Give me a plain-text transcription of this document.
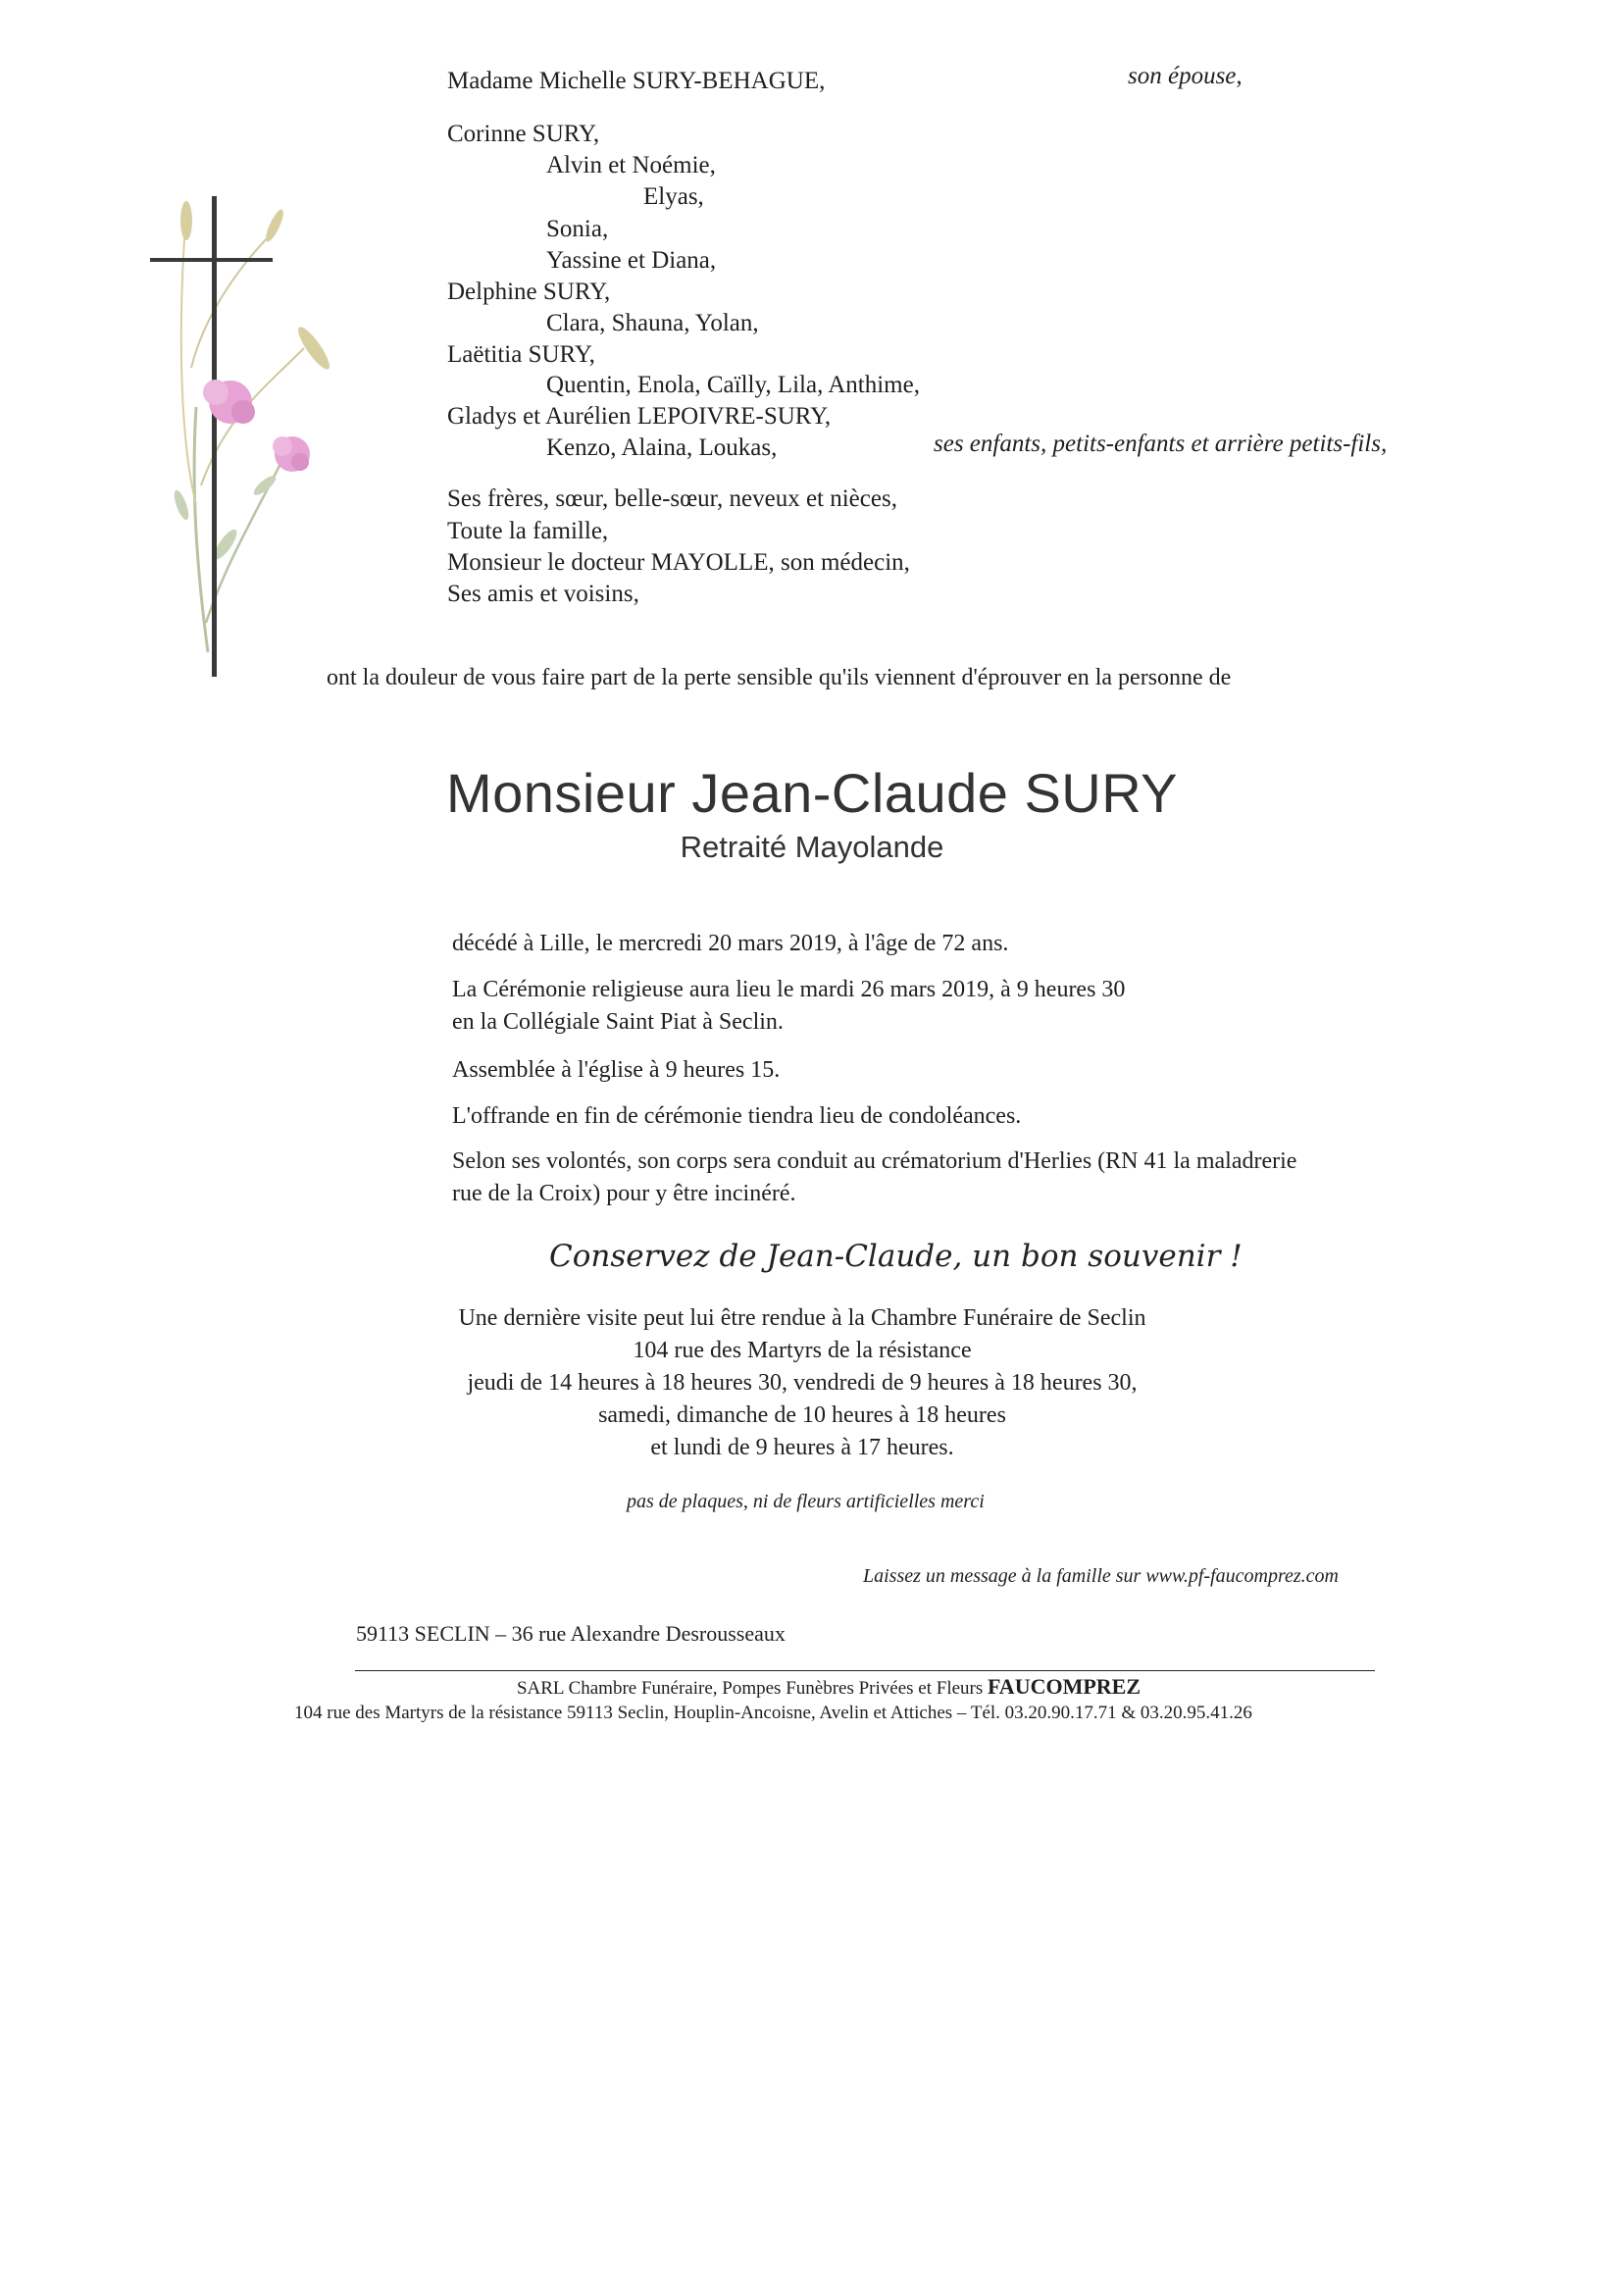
Madame Michelle SURY-BEHAGUE,	son épouse,
Corinne SURY,
Alvin et Noémie,
Elyas,
Sonia,
Yassine et Diana,
Delphine SURY,
Clara, Shauna, Yolan,
Laëtitia SURY,
Quentin, Enola, Caïlly, Lila, Anthime,
Gladys et Aurélien LEPOIVRE-SURY,
Kenzo, Alaina, Loukas,	ses enfants, petits-enfants et arrière petits-fils,
Ses frères, sœur, belle-sœur, neveux et nièces,
Toute la famille,
Monsieur le docteur MAYOLLE, son médecin,
Ses amis et voisins,
ont la douleur de vous faire part de la perte sensible qu'ils viennent d'éprouver en la personne de
Monsieur Jean-Claude SURY
Retraité Mayolande
décédé à Lille, le mercredi 20 mars 2019, à l'âge de 72 ans.
La Cérémonie religieuse aura lieu le mardi 26 mars 2019, à 9 heures 30
en la Collégiale Saint Piat à Seclin.
Assemblée à l'église à 9 heures 15.
L'offrande en fin de cérémonie tiendra lieu de condoléances.
Selon ses volontés, son corps sera conduit au crématorium d'Herlies (RN 41 la maladrerie
rue de la Croix) pour y être incinéré.
Conservez de Jean-Claude, un bon souvenir !
Une dernière visite peut lui être rendue à la Chambre Funéraire de Seclin
104 rue des Martyrs de la résistance
jeudi de 14 heures à 18 heures 30, vendredi de 9 heures à 18 heures 30,
samedi, dimanche de 10 heures à 18 heures
et lundi de 9 heures à 17 heures.
pas de plaques, ni de fleurs artificielles merci
Laissez un message à la famille sur www.pf-faucomprez.com
59113 SECLIN – 36 rue Alexandre Desrousseaux
SARL Chambre Funéraire, Pompes Funèbres Privées et Fleurs FAUCOMPREZ
104 rue des Martyrs de la résistance 59113 Seclin, Houplin-Ancoisne, Avelin et Attiches – Tél. 03.20.90.17.71 & 03.20.95.41.26
